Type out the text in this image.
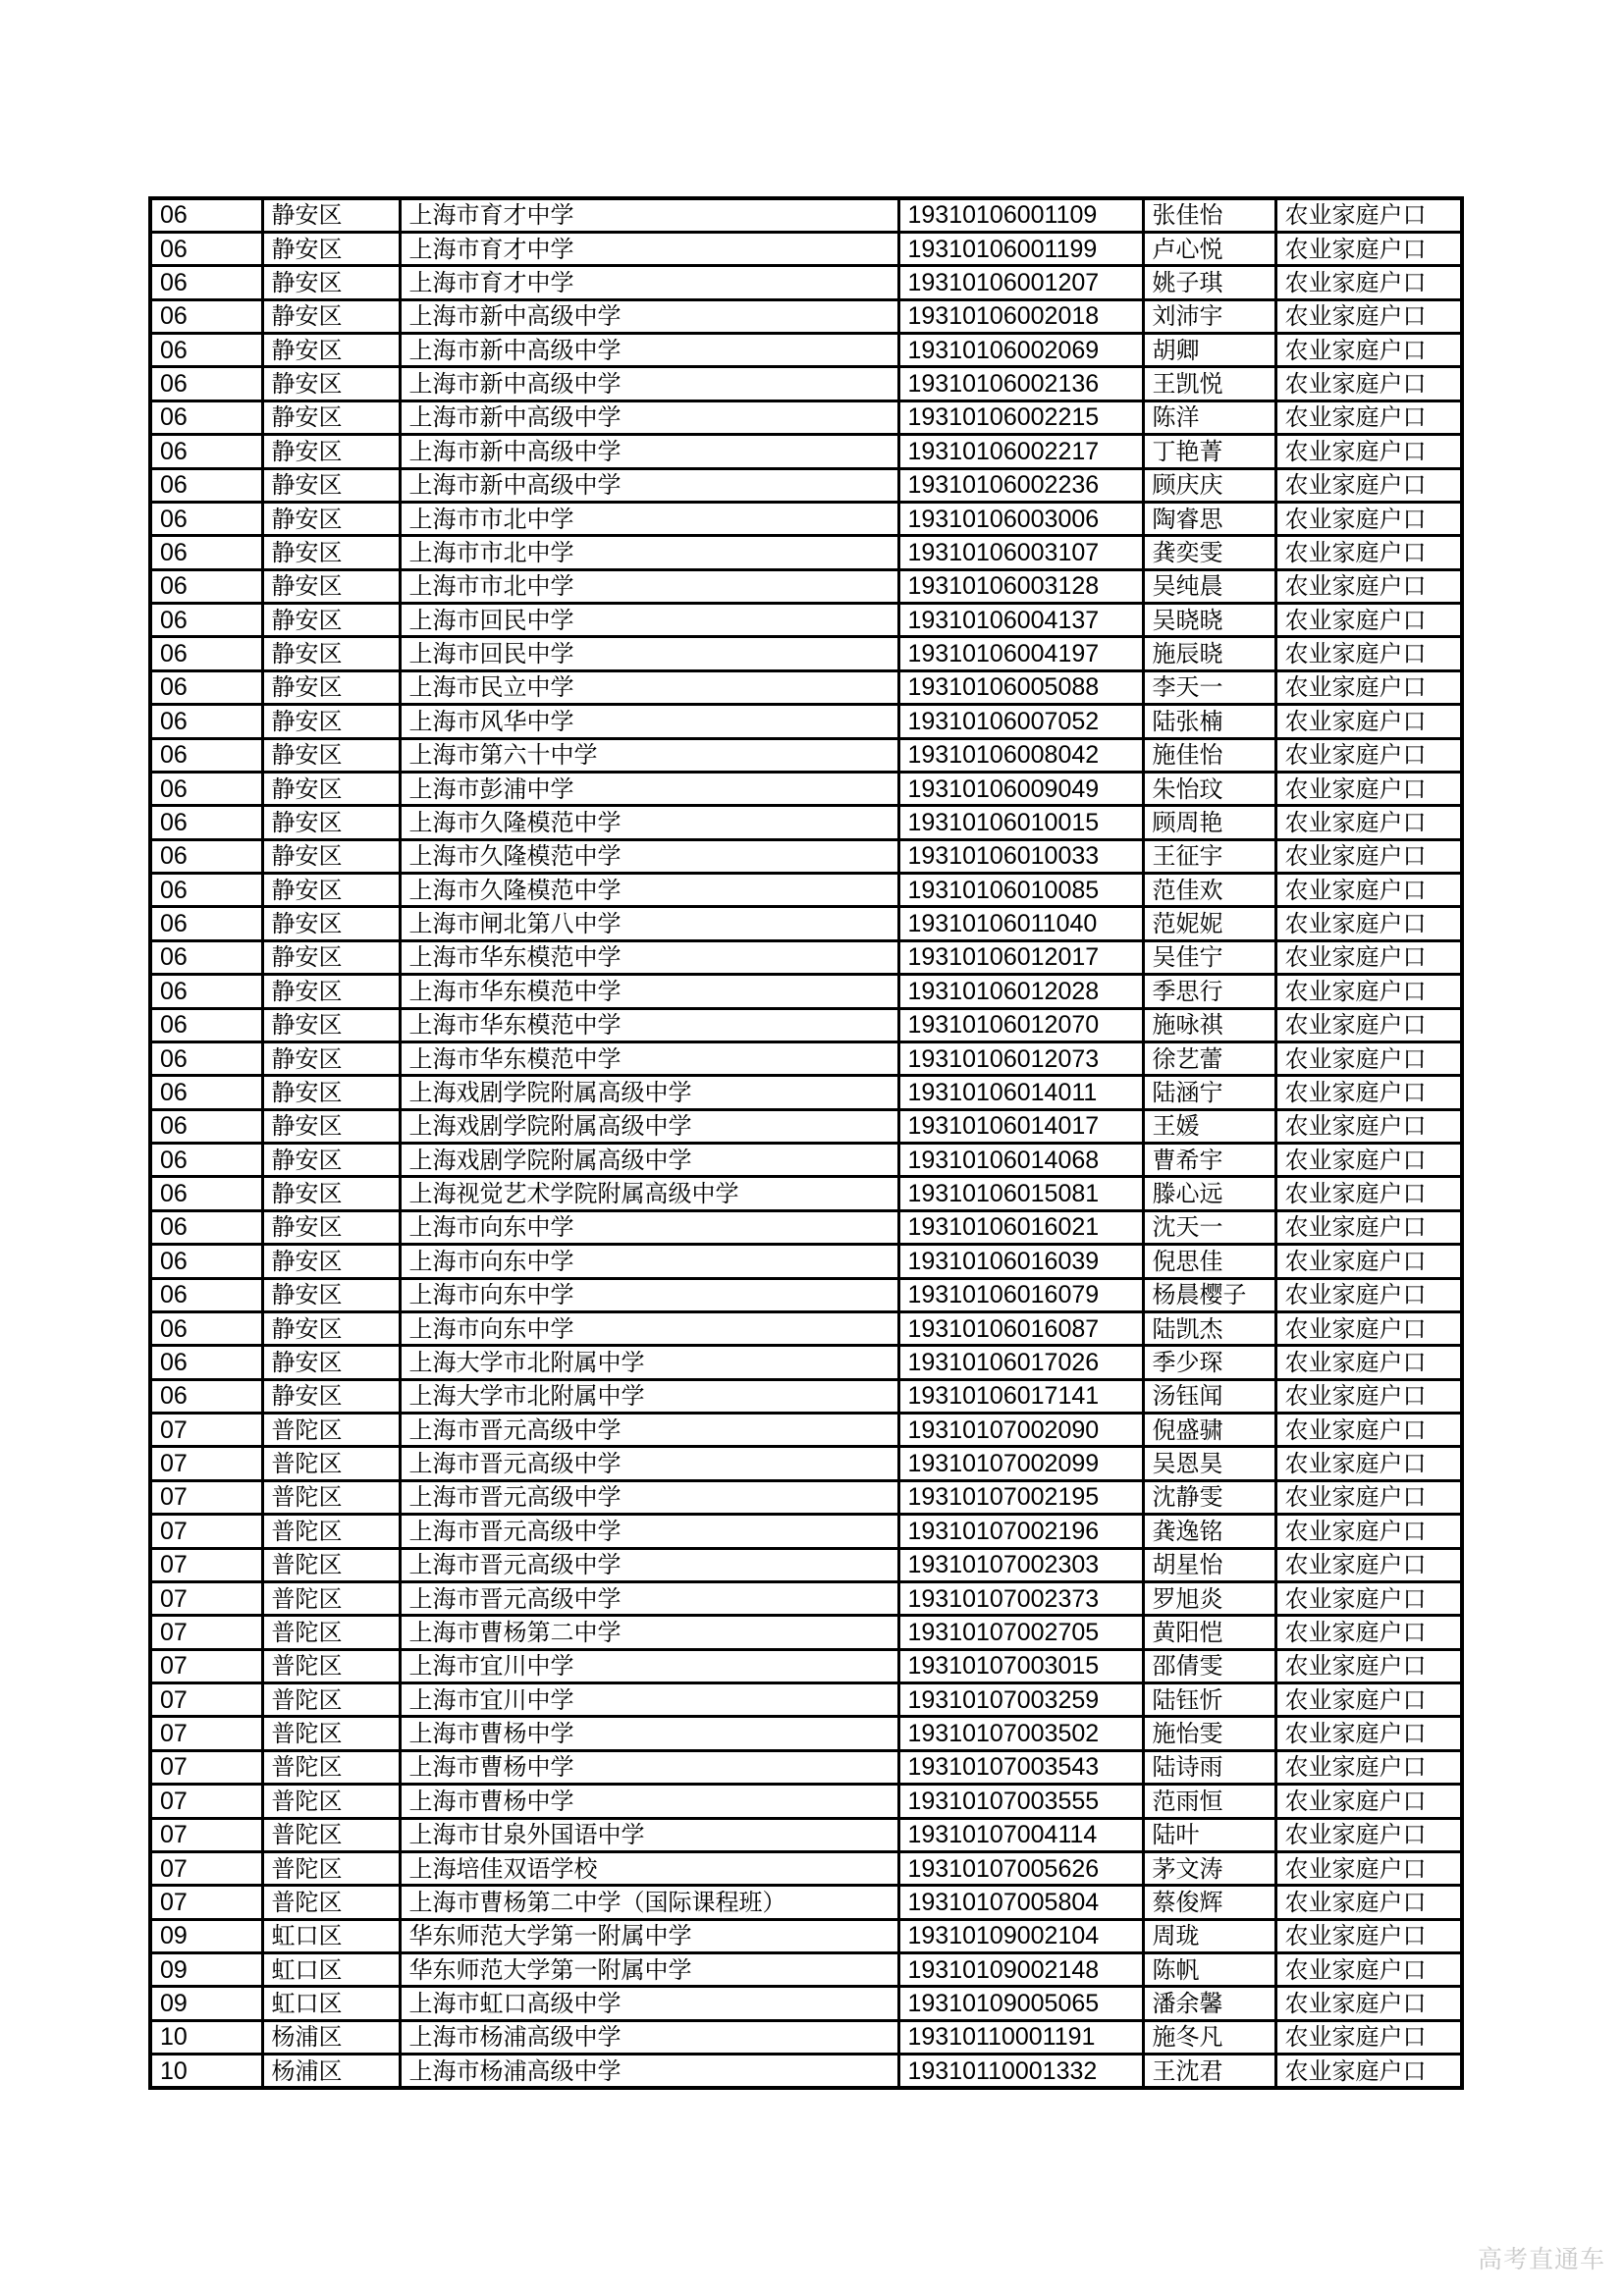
06	静安区	上海市育才中学	19310106001109	张佳怡	农业家庭户口
06	静安区	上海市育才中学	19310106001199	卢心悦	农业家庭户口
06	静安区	上海市育才中学	19310106001207	姚子琪	农业家庭户口
06	静安区	上海市新中高级中学	19310106002018	刘沛宇	农业家庭户口
06	静安区	上海市新中高级中学	19310106002069	胡卿	农业家庭户口
06	静安区	上海市新中高级中学	19310106002136	王凯悦	农业家庭户口
06	静安区	上海市新中高级中学	19310106002215	陈洋	农业家庭户口
06	静安区	上海市新中高级中学	19310106002217	丁艳菁	农业家庭户口
06	静安区	上海市新中高级中学	19310106002236	顾庆庆	农业家庭户口
06	静安区	上海市市北中学	19310106003006	陶睿思	农业家庭户口
06	静安区	上海市市北中学	19310106003107	龚奕雯	农业家庭户口
06	静安区	上海市市北中学	19310106003128	吴纯晨	农业家庭户口
06	静安区	上海市回民中学	19310106004137	吴晓晓	农业家庭户口
06	静安区	上海市回民中学	19310106004197	施辰晓	农业家庭户口
06	静安区	上海市民立中学	19310106005088	李天一	农业家庭户口
06	静安区	上海市风华中学	19310106007052	陆张楠	农业家庭户口
06	静安区	上海市第六十中学	19310106008042	施佳怡	农业家庭户口
06	静安区	上海市彭浦中学	19310106009049	朱怡玟	农业家庭户口
06	静安区	上海市久隆模范中学	19310106010015	顾周艳	农业家庭户口
06	静安区	上海市久隆模范中学	19310106010033	王征宇	农业家庭户口
06	静安区	上海市久隆模范中学	19310106010085	范佳欢	农业家庭户口
06	静安区	上海市闸北第八中学	19310106011040	范妮妮	农业家庭户口
06	静安区	上海市华东模范中学	19310106012017	吴佳宁	农业家庭户口
06	静安区	上海市华东模范中学	19310106012028	季思行	农业家庭户口
06	静安区	上海市华东模范中学	19310106012070	施咏祺	农业家庭户口
06	静安区	上海市华东模范中学	19310106012073	徐艺蕾	农业家庭户口
06	静安区	上海戏剧学院附属高级中学	19310106014011	陆涵宁	农业家庭户口
06	静安区	上海戏剧学院附属高级中学	19310106014017	王媛	农业家庭户口
06	静安区	上海戏剧学院附属高级中学	19310106014068	曹希宇	农业家庭户口
06	静安区	上海视觉艺术学院附属高级中学	19310106015081	滕心远	农业家庭户口
06	静安区	上海市向东中学	19310106016021	沈天一	农业家庭户口
06	静安区	上海市向东中学	19310106016039	倪思佳	农业家庭户口
06	静安区	上海市向东中学	19310106016079	杨晨樱子	农业家庭户口
06	静安区	上海市向东中学	19310106016087	陆凯杰	农业家庭户口
06	静安区	上海大学市北附属中学	19310106017026	季少琛	农业家庭户口
06	静安区	上海大学市北附属中学	19310106017141	汤钰闻	农业家庭户口
07	普陀区	上海市晋元高级中学	19310107002090	倪盛骕	农业家庭户口
07	普陀区	上海市晋元高级中学	19310107002099	吴恩昊	农业家庭户口
07	普陀区	上海市晋元高级中学	19310107002195	沈静雯	农业家庭户口
07	普陀区	上海市晋元高级中学	19310107002196	龚逸铭	农业家庭户口
07	普陀区	上海市晋元高级中学	19310107002303	胡星怡	农业家庭户口
07	普陀区	上海市晋元高级中学	19310107002373	罗旭炎	农业家庭户口
07	普陀区	上海市曹杨第二中学	19310107002705	黄阳恺	农业家庭户口
07	普陀区	上海市宜川中学	19310107003015	邵倩雯	农业家庭户口
07	普陀区	上海市宜川中学	19310107003259	陆钰忻	农业家庭户口
07	普陀区	上海市曹杨中学	19310107003502	施怡雯	农业家庭户口
07	普陀区	上海市曹杨中学	19310107003543	陆诗雨	农业家庭户口
07	普陀区	上海市曹杨中学	19310107003555	范雨恒	农业家庭户口
07	普陀区	上海市甘泉外国语中学	19310107004114	陆叶	农业家庭户口
07	普陀区	上海培佳双语学校	19310107005626	茅文涛	农业家庭户口
07	普陀区	上海市曹杨第二中学（国际课程班）	19310107005804	蔡俊辉	农业家庭户口
09	虹口区	华东师范大学第一附属中学	19310109002104	周珑	农业家庭户口
09	虹口区	华东师范大学第一附属中学	19310109002148	陈帆	农业家庭户口
09	虹口区	上海市虹口高级中学	19310109005065	潘余馨	农业家庭户口
10	杨浦区	上海市杨浦高级中学	19310110001191	施冬凡	农业家庭户口
10	杨浦区	上海市杨浦高级中学	19310110001332	王沈君	农业家庭户口
高考直通车
